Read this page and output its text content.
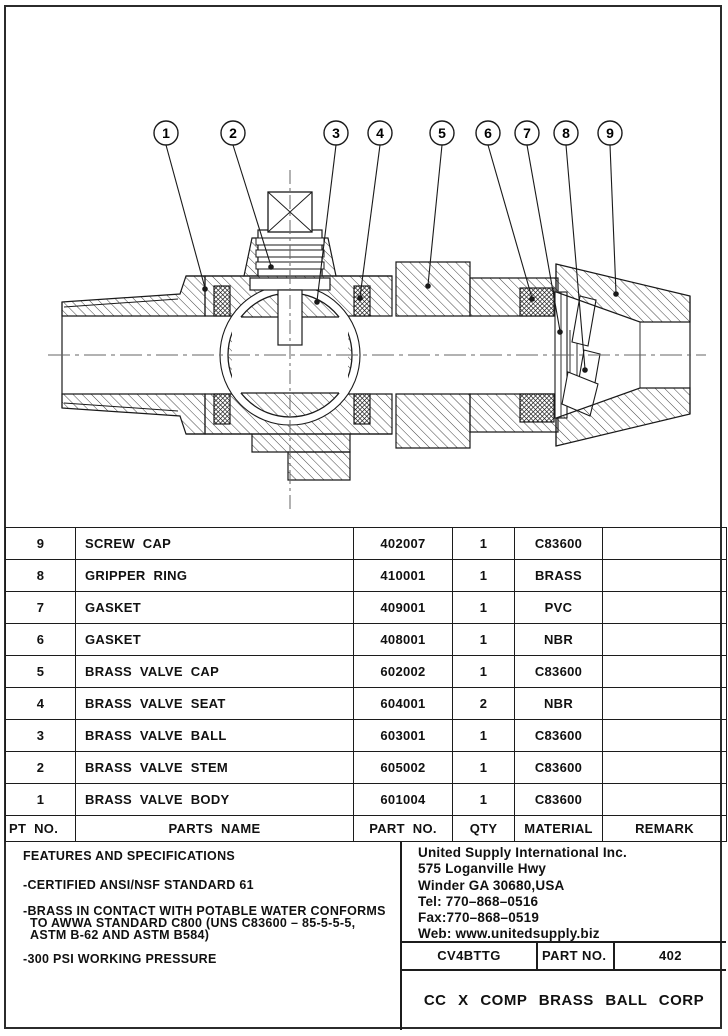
1	2	3	4	5	6 7 8	9
9	SCREW CAP	402007	1	C83600	
8	GRIPPER RING	410001	1	BRASS	
7	GASKET	409001	1	PVC	
6	GASKET	408001	1	NBR	
5	BRASS VALVE CAP	602002	1	C83600	
4	BRASS VALVE SEAT	604001	2	NBR	
3	BRASS VALVE BALL	603001	1	C83600	
2	BRASS VALVE STEM	605002	1	C83600	
1	BRASS VALVE BODY	601004	1	C83600	
PT NO.	PARTS NAME	PART NO.	QTY	MATERIAL	REMARK
FEATURES AND SPECIFICATIONS
-CERTIFIED ANSI/NSF STANDARD 61
-BRASS IN CONTACT WITH POTABLE WATER CONFORMS
TO AWWA STANDARD C800 (UNS C83600 – 85-5-5-5,
ASTM B-62 AND ASTM B584)
-300 PSI WORKING PRESSURE
United Supply International Inc.
575 Loganville Hwy
Winder GA 30680,USA
Tel: 770–868–0516
Fax:770–868–0519
Web: www.unitedsupply.biz
CV4BTTG	PART NO.	402
CC X COMP BRASS BALL CORP
